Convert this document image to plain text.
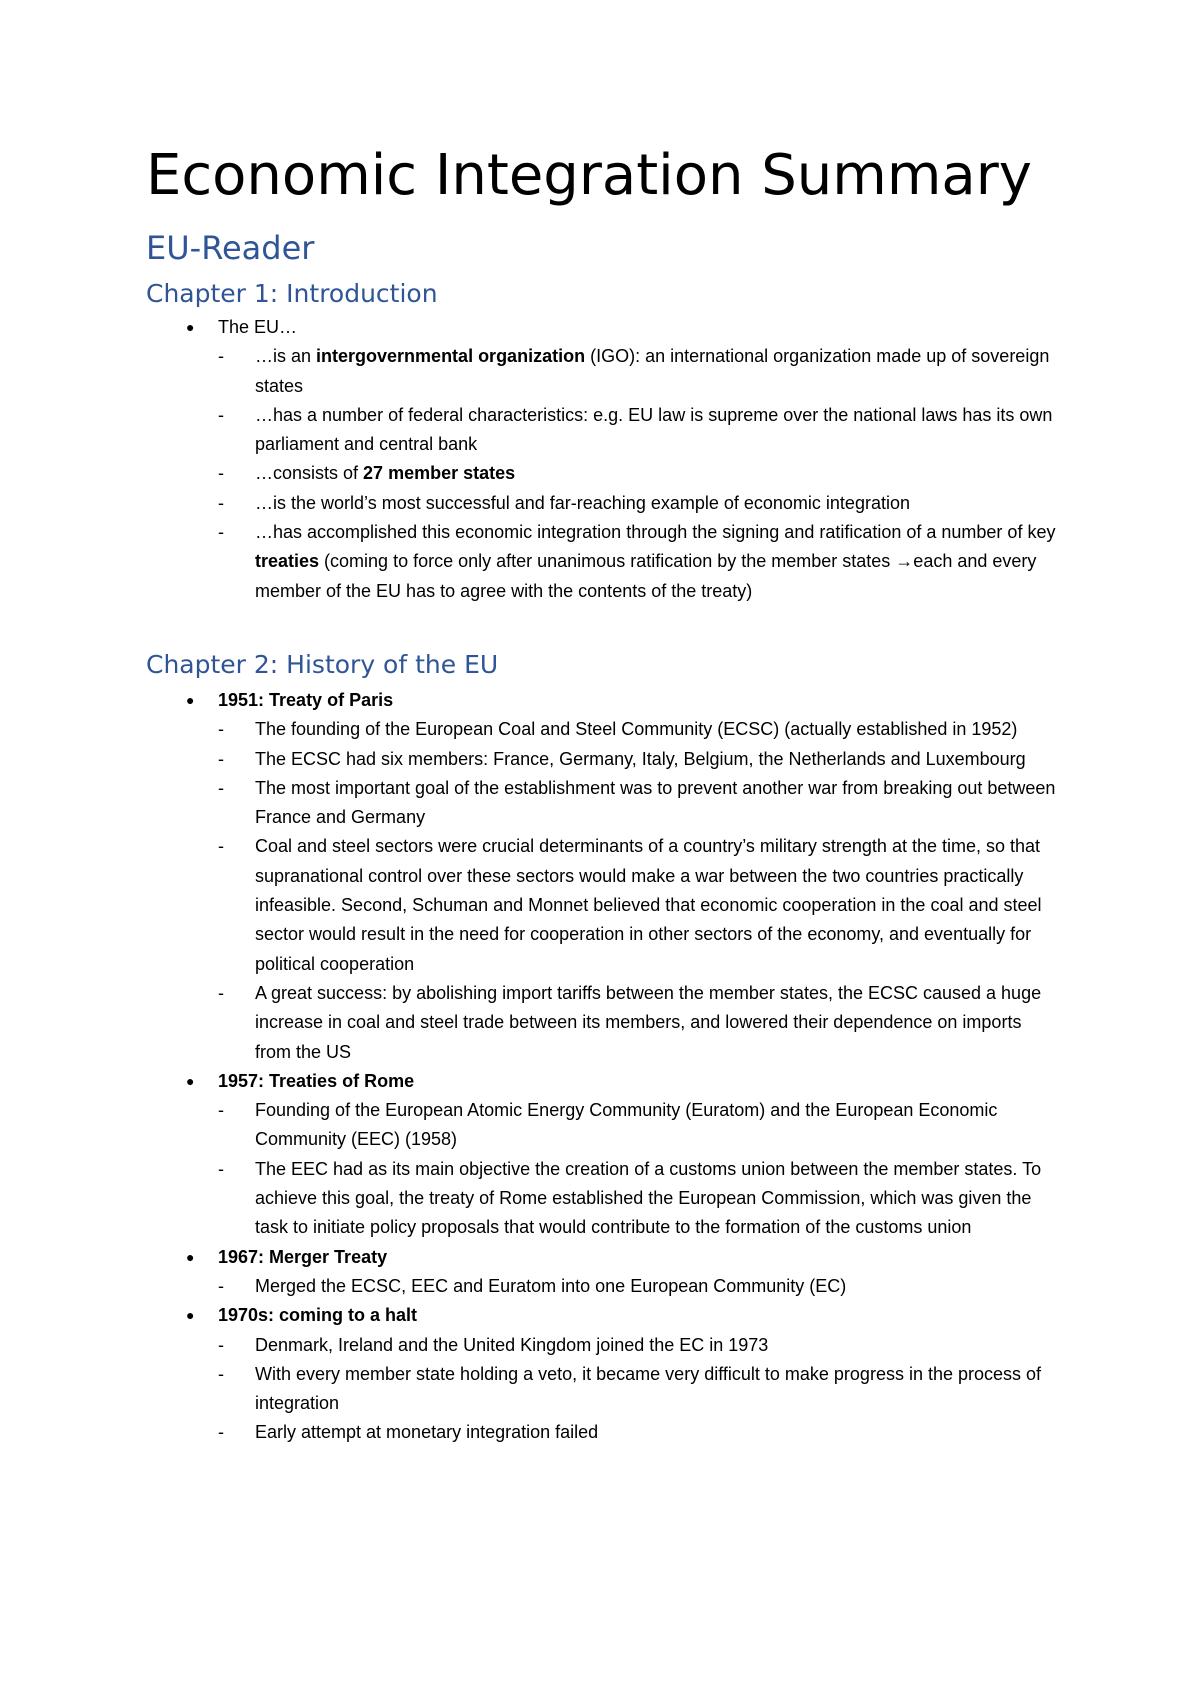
Economic Integration Summary
EU-Reader
Chapter 1: Introduction
● The EU…
- …is an intergovernmental organization (IGO): an international organization made up of sovereign states
- …has a number of federal characteristics: e.g. EU law is supreme over the national laws has its own parliament and central bank
- …consists of 27 member states
- …is the world’s most successful and far-reaching example of economic integration
- …has accomplished this economic integration through the signing and ratification of a number of key treaties (coming to force only after unanimous ratification by the member states →each and every member of the EU has to agree with the contents of the treaty)
Chapter 2: History of the EU
● 1951: Treaty of Paris
- The founding of the European Coal and Steel Community (ECSC) (actually established in 1952)
- The ECSC had six members: France, Germany, Italy, Belgium, the Netherlands and Luxembourg
- The most important goal of the establishment was to prevent another war from breaking out between France and Germany
- Coal and steel sectors were crucial determinants of a country’s military strength at the time, so that supranational control over these sectors would make a war between the two countries practically infeasible. Second, Schuman and Monnet believed that economic cooperation in the coal and steel sector would result in the need for cooperation in other sectors of the economy, and eventually for political cooperation
- A great success: by abolishing import tariffs between the member states, the ECSC caused a huge increase in coal and steel trade between its members, and lowered their dependence on imports from the US
● 1957: Treaties of Rome
- Founding of the European Atomic Energy Community (Euratom) and the European Economic Community (EEC) (1958)
- The EEC had as its main objective the creation of a customs union between the member states. To achieve this goal, the treaty of Rome established the European Commission, which was given the task to initiate policy proposals that would contribute to the formation of the customs union
● 1967: Merger Treaty
- Merged the ECSC, EEC and Euratom into one European Community (EC)
● 1970s: coming to a halt
- Denmark, Ireland and the United Kingdom joined the EC in 1973
- With every member state holding a veto, it became very difficult to make progress in the process of integration
- Early attempt at monetary integration failed
